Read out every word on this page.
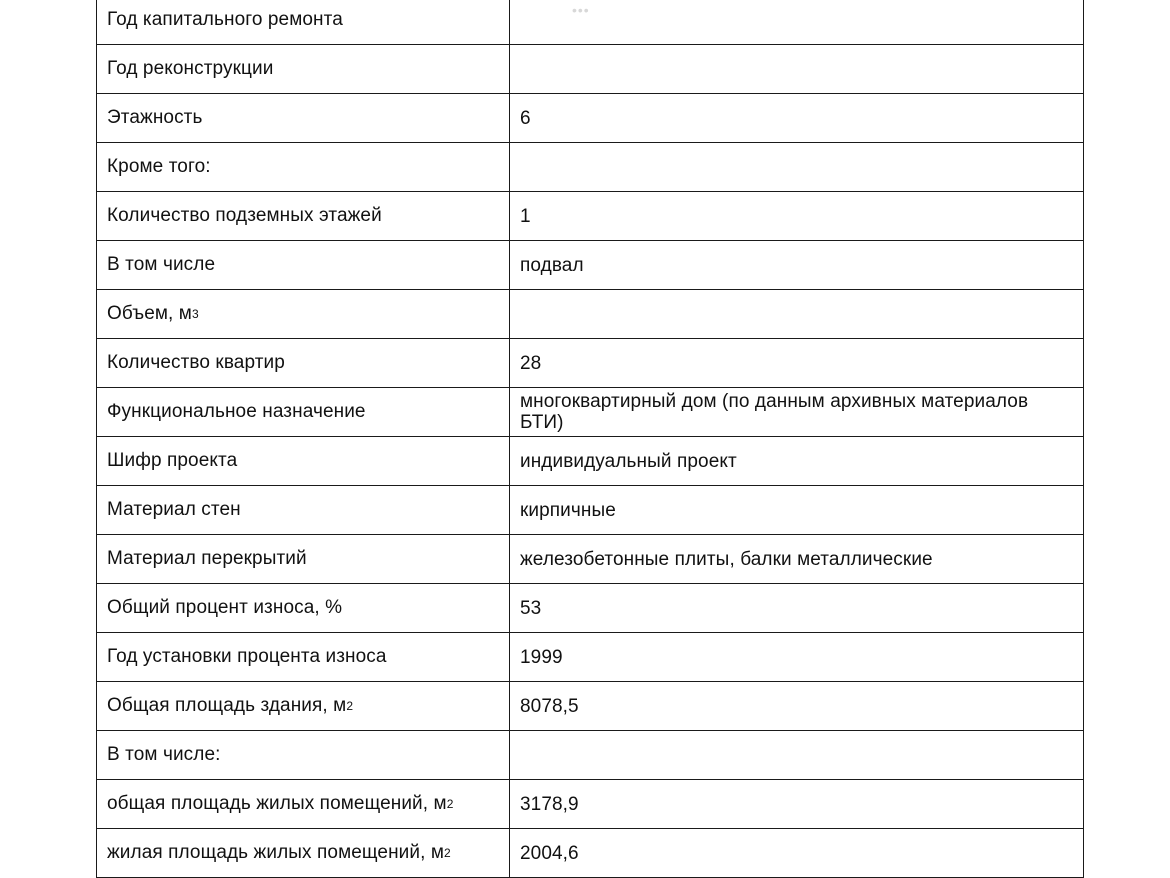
Год капитального ремонта
Год реконструкции
Этажность	6
Кроме того:
Количество подземных этажей	1
В том числе	подвал
Объем, м 3
Количество квартир	28
Функциональное назначение	многоквартирный дом (по данным архивных материалов БТИ)
Шифр проекта	индивидуальный проект
Материал стен	кирпичные
Материал перекрытий	железобетонные плиты, балки металлические
Общий процент износа, %	53
Год установки процента износа	1999
Общая площадь здания, м 2	8078,5
В том числе:
общая площадь жилых помещений, м 2	3178,9
жилая площадь жилых помещений, м 2	2004,6
•••
